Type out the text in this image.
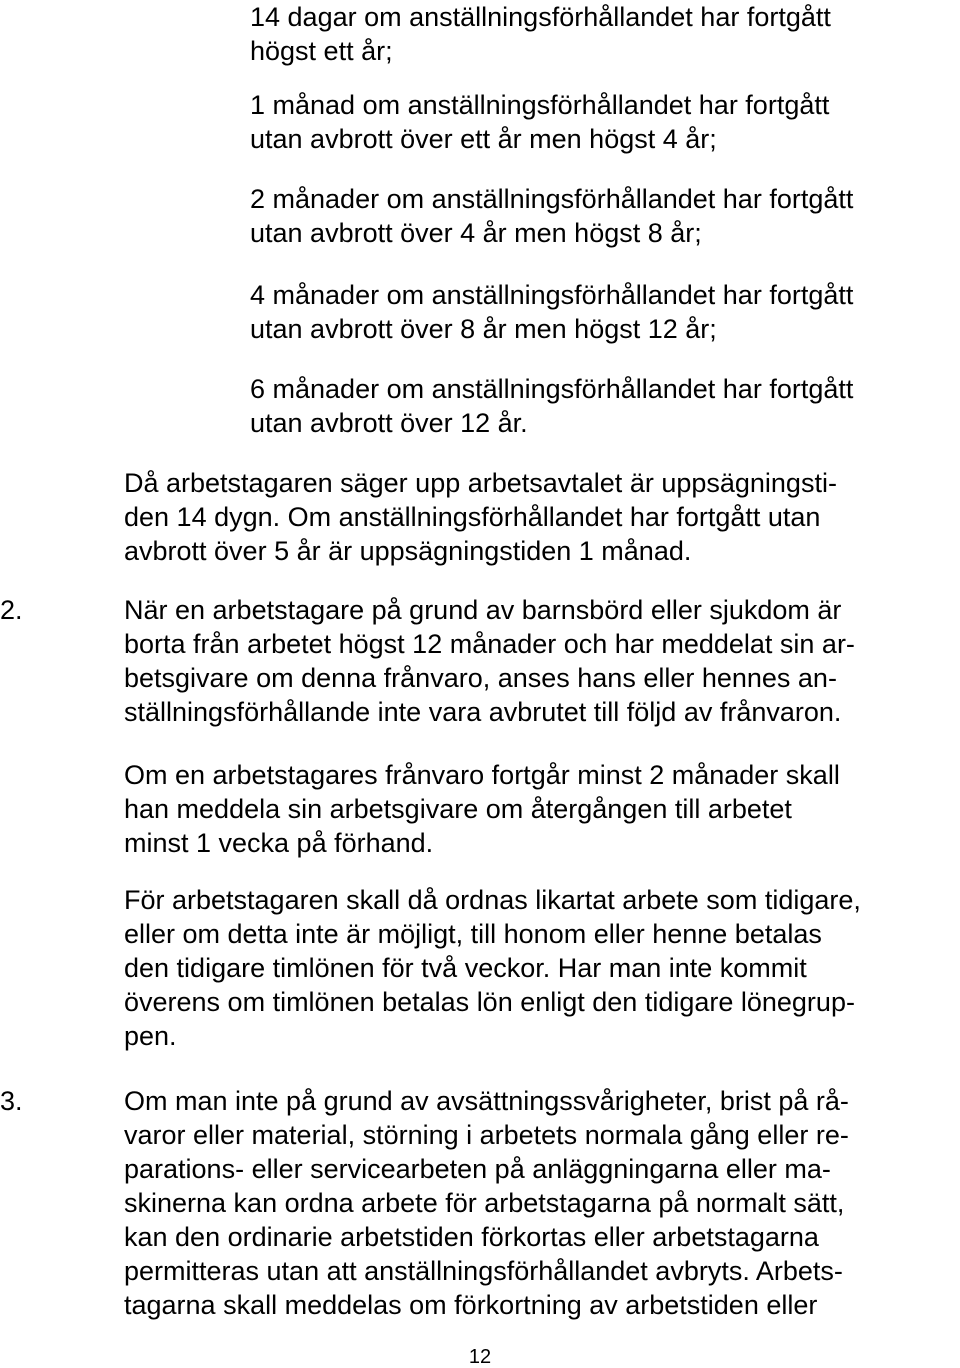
14 dagar om anställningsförhållandet har fortgått
högst ett år;

1 månad om anställningsförhållandet har fortgått
utan avbrott över ett år men högst 4 år;

2 månader om anställningsförhållandet har fortgått
utan avbrott över 4 år men högst 8 år;

4 månader om anställningsförhållandet har fortgått
utan avbrott över 8 år men högst 12 år;

6 månader om anställningsförhållandet har fortgått
utan avbrott över 12 år.

Då arbetstagaren säger upp arbetsavtalet är uppsägningsti-
den 14 dygn. Om anställningsförhållandet har fortgått utan
avbrott över 5 år är uppsägningstiden 1 månad.

2.	När en arbetstagare på grund av barnsbörd eller sjukdom är
borta från arbetet högst 12 månader och har meddelat sin ar-
betsgivare om denna frånvaro, anses hans eller hennes an-
ställningsförhållande inte vara avbrutet till följd av frånvaron.

Om en arbetstagares frånvaro fortgår minst 2 månader skall
han meddela sin arbetsgivare om återgången till arbetet
minst 1 vecka på förhand.

För arbetstagaren skall då ordnas likartat arbete som tidigare,
eller om detta inte är möjligt, till honom eller henne betalas
den tidigare timlönen för två veckor. Har man inte kommit
överens om timlönen betalas lön enligt den tidigare lönegrup-
pen.

3.	Om man inte på grund av avsättningssvårigheter, brist på rå-
varor eller material, störning i arbetets normala gång eller re-
parations- eller servicearbeten på anläggningarna eller ma-
skinerna kan ordna arbete för arbetstagarna på normalt sätt,
kan den ordinarie arbetstiden förkortas eller arbetstagarna
permitteras utan att anställningsförhållandet avbryts. Arbets-
tagarna skall meddelas om förkortning av arbetstiden eller

12
